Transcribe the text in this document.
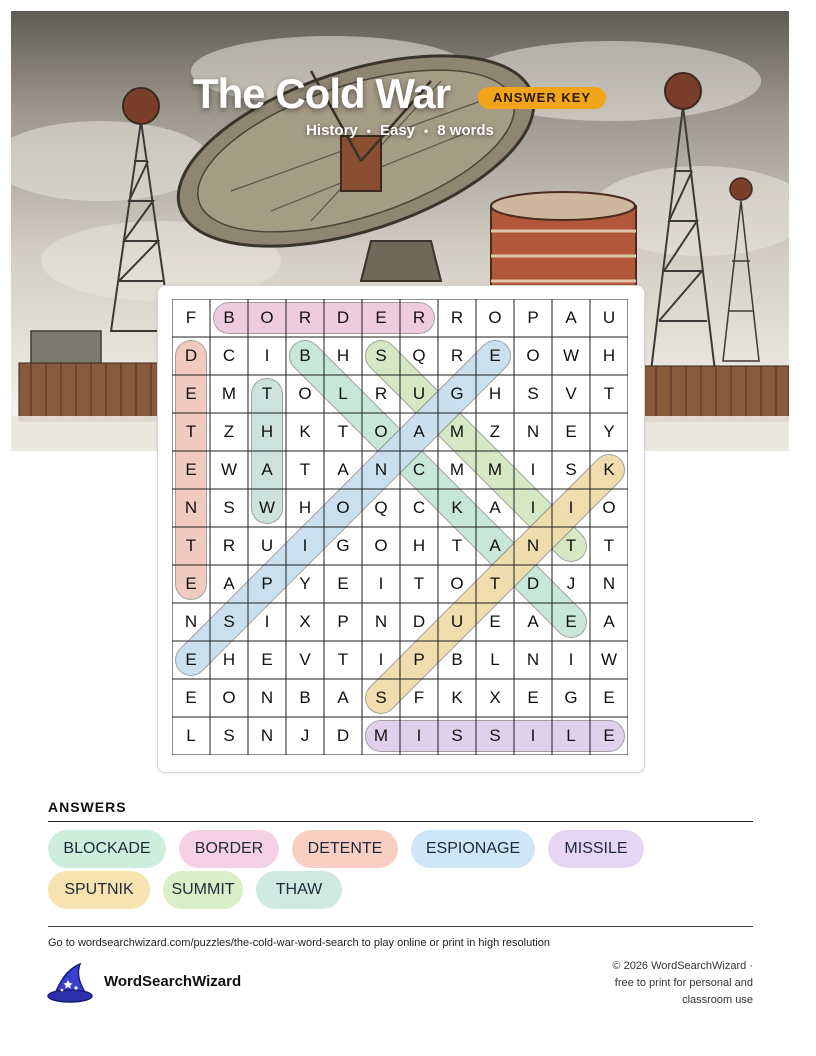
The Cold War	ANSWER KEY
History • Easy • 8 words
F	B	O	R	D	E	R	R	O	P	A	U
D	C	I	B	H	S	Q	R	E	O	W	H
E	M	T	O	L	R	U	G	H	S	V	T
T	Z	H	K	T	O	A	M	Z	N	E	Y
E	W	A	T	A	N	C	M	M	I	S	K
N	S	W	H	O	Q	C	K	A	I	I	O
T	R	U	I	G	O	H	T	A	N	T	T
E	A	P	Y	E	I	T	O	T	D	J	N
N	S	I	X	P	N	D	U	E	A	E	A
E	H	E	V	T	I	P	B	L	N	I	W
E	O	N	B	A	S	F	K	X	E	G	E
L	S	N	J	D	M	I	S	S	I	L	E
ANSWERS
BLOCKADE	BORDER	DETENTE	ESPIONAGE	MISSILE
SPUTNIK	SUMMIT	THAW
Go to wordsearchwizard.com/puzzles/the-cold-war-word-search to play online or print in high resolution
WordSearchWizard
© 2026 WordSearchWizard ·
free to print for personal and
classroom use
